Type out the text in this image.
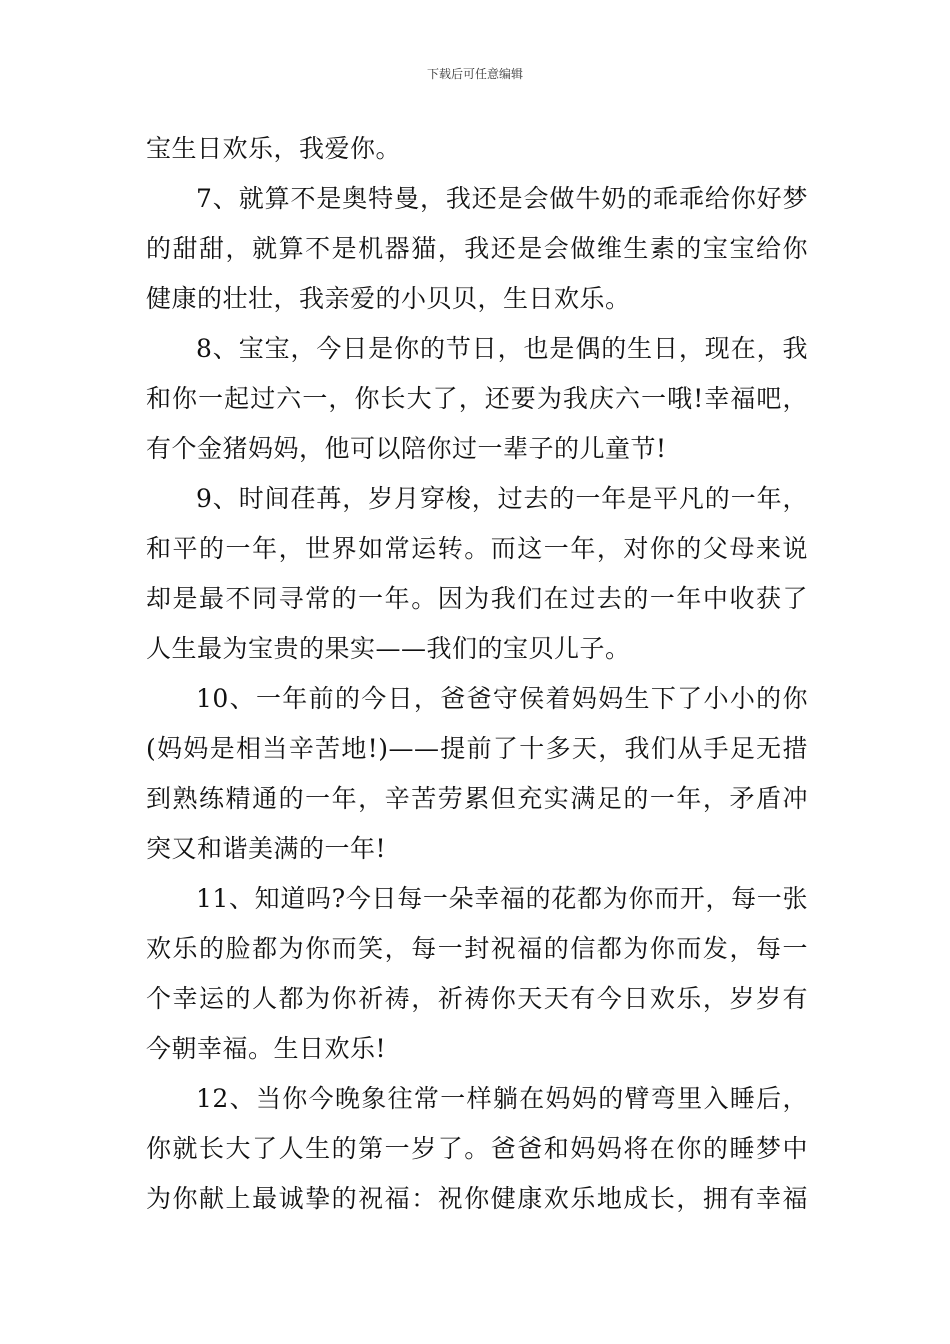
下载后可任意编辑
宝生日欢乐，我爱你。
7、就算不是奥特曼，我还是会做牛奶的乖乖给你好梦
的甜甜，就算不是机器猫，我还是会做维生素的宝宝给你
健康的壮壮，我亲爱的小贝贝，生日欢乐。
8、宝宝，今日是你的节日，也是偶的生日，现在，我
和你一起过六一，你长大了，还要为我庆六一哦!幸福吧，
有个金猪妈妈，他可以陪你过一辈子的儿童节!
9、时间荏苒，岁月穿梭，过去的一年是平凡的一年，
和平的一年，世界如常运转。而这一年，对你的父母来说
却是最不同寻常的一年。因为我们在过去的一年中收获了
人生最为宝贵的果实——我们的宝贝儿子。
10、一年前的今日，爸爸守侯着妈妈生下了小小的你
(妈妈是相当辛苦地!)——提前了十多天，我们从手足无措
到熟练精通的一年，辛苦劳累但充实满足的一年，矛盾冲
突又和谐美满的一年!
11、知道吗?今日每一朵幸福的花都为你而开，每一张
欢乐的脸都为你而笑，每一封祝福的信都为你而发，每一
个幸运的人都为你祈祷，祈祷你天天有今日欢乐，岁岁有
今朝幸福。生日欢乐!
12、当你今晚象往常一样躺在妈妈的臂弯里入睡后，
你就长大了人生的第一岁了。爸爸和妈妈将在你的睡梦中
为你献上最诚挚的祝福：祝你健康欢乐地成长，拥有幸福
